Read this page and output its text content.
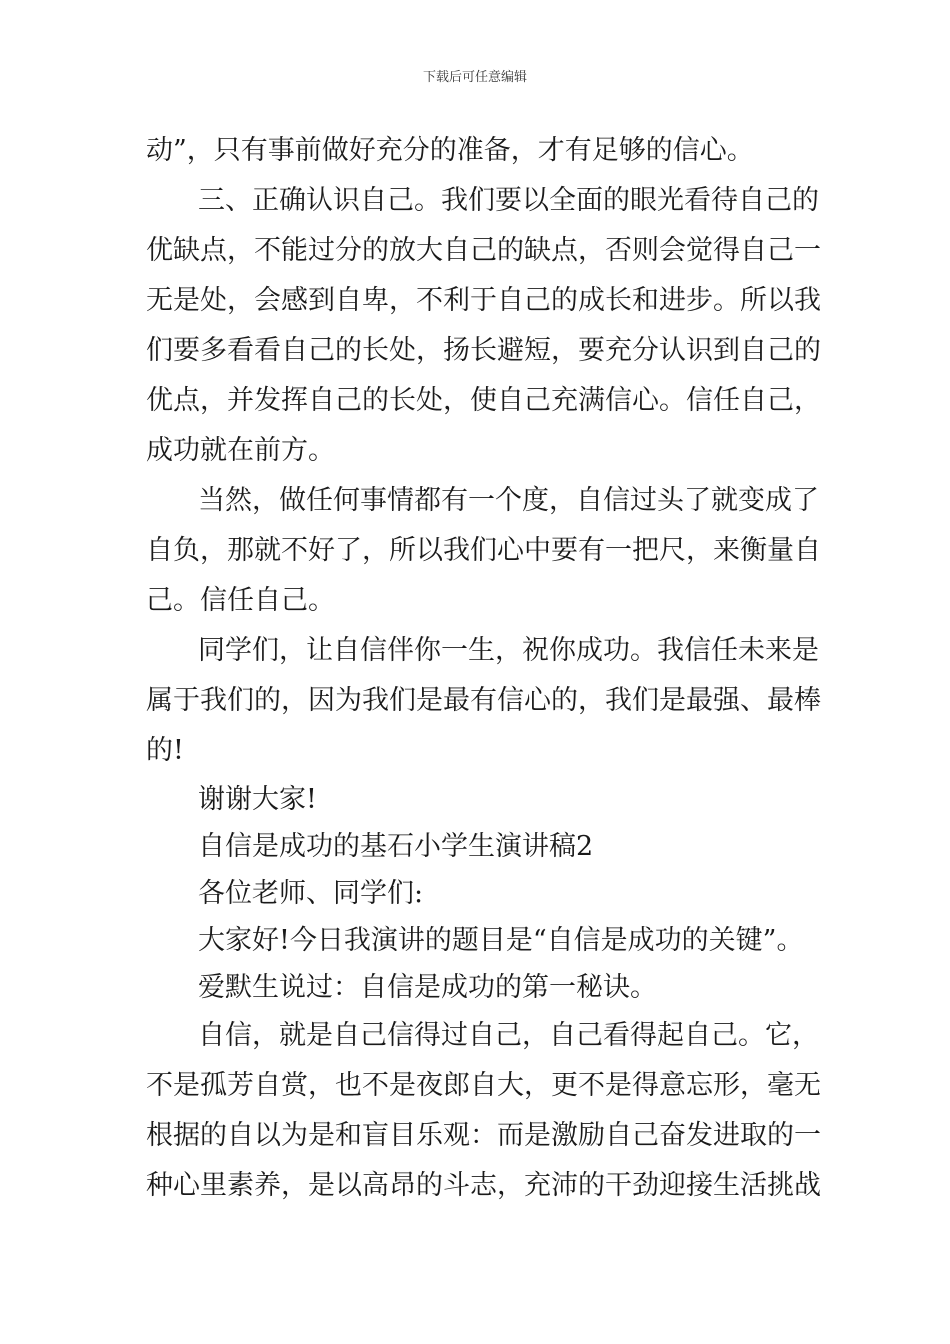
下载后可任意编辑
动”，只有事前做好充分的准备，才有足够的信心。
三、正确认识自己。我们要以全面的眼光看待自己的
优缺点，不能过分的放大自己的缺点，否则会觉得自己一
无是处，会感到自卑，不利于自己的成长和进步。所以我
们要多看看自己的长处，扬长避短，要充分认识到自己的
优点，并发挥自己的长处，使自己充满信心。信任自己，
成功就在前方。
当然，做任何事情都有一个度，自信过头了就变成了
自负，那就不好了，所以我们心中要有一把尺，来衡量自
己。信任自己。
同学们，让自信伴你一生，祝你成功。我信任未来是
属于我们的，因为我们是最有信心的，我们是最强、最棒
的!
谢谢大家!
自信是成功的基石小学生演讲稿2
各位老师、同学们:
大家好!今日我演讲的题目是“自信是成功的关键”。
爱默生说过：自信是成功的第一秘诀。
自信，就是自己信得过自己，自己看得起自己。它，
不是孤芳自赏，也不是夜郎自大，更不是得意忘形，毫无
根据的自以为是和盲目乐观：而是激励自己奋发进取的一
种心里素养，是以高昂的斗志，充沛的干劲迎接生活挑战
